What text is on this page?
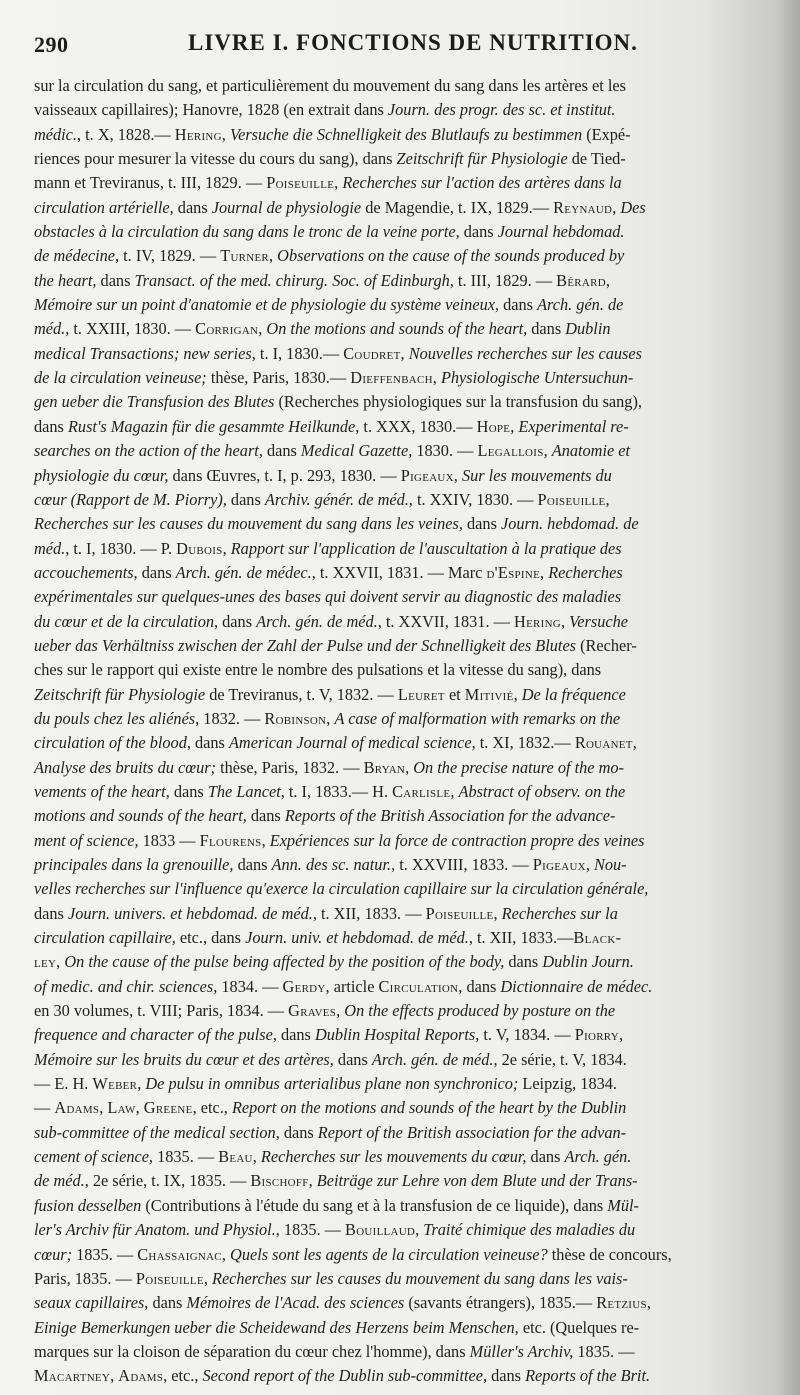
290	LIVRE I. FONCTIONS DE NUTRITION.
sur la circulation du sang, et particulièrement du mouvement du sang dans les artères et les
vaisseaux capillaires); Hanovre, 1828 (en extrait dans Journ. des progr. des sc. et institut.
médic., t. X, 1828.— Hering, Versuche die Schnelligkeit des Blutlaufs zu bestimmen (Expé-
riences pour mesurer la vitesse du cours du sang), dans Zeitschrift für Physiologie de Tied-
mann et Treviranus, t. III, 1829. — Poiseuille, Recherches sur l'action des artères dans la
circulation artérielle, dans Journal de physiologie de Magendie, t. IX, 1829.— Reynaud, Des
obstacles à la circulation du sang dans le tronc de la veine porte, dans Journal hebdomad.
de médecine, t. IV, 1829. — Turner, Observations on the cause of the sounds produced by
the heart, dans Transact. of the med. chirurg. Soc. of Edinburgh, t. III, 1829. — Bérard,
Mémoire sur un point d'anatomie et de physiologie du système veineux, dans Arch. gén. de
méd., t. XXIII, 1830. — Corrigan, On the motions and sounds of the heart, dans Dublin
medical Transactions; new series, t. I, 1830.— Coudret, Nouvelles recherches sur les causes
de la circulation veineuse; thèse, Paris, 1830.— Dieffenbach, Physiologische Untersuchun-
gen ueber die Transfusion des Blutes (Recherches physiologiques sur la transfusion du sang),
dans Rust's Magazin für die gesammte Heilkunde, t. XXX, 1830.— Hope, Experimental re-
searches on the action of the heart, dans Medical Gazette, 1830. — Legallois, Anatomie et
physiologie du cœur, dans Œuvres, t. I, p. 293, 1830. — Pigeaux, Sur les mouvements du
cœur (Rapport de M. Piorry), dans Archiv. génér. de méd., t. XXIV, 1830. — Poiseuille,
Recherches sur les causes du mouvement du sang dans les veines, dans Journ. hebdomad. de
méd., t. I, 1830. — P. Dubois, Rapport sur l'application de l'auscultation à la pratique des
accouchements, dans Arch. gén. de médec., t. XXVII, 1831. — Marc d'Espine, Recherches
expérimentales sur quelques-unes des bases qui doivent servir au diagnostic des maladies
du cœur et de la circulation, dans Arch. gén. de méd., t. XXVII, 1831. — Hering, Versuche
ueber das Verhältniss zwischen der Zahl der Pulse und der Schnelligkeit des Blutes (Recher-
ches sur le rapport qui existe entre le nombre des pulsations et la vitesse du sang), dans
Zeitschrift für Physiologie de Treviranus, t. V, 1832. — Leuret et Mitivié, De la fréquence
du pouls chez les aliénés, 1832. — Robinson, A case of malformation with remarks on the
circulation of the blood, dans American Journal of medical science, t. XI, 1832.— Rouanet,
Analyse des bruits du cœur; thèse, Paris, 1832. — Bryan, On the precise nature of the mo-
vements of the heart, dans The Lancet, t. I, 1833.— H. Carlisle, Abstract of observ. on the
motions and sounds of the heart, dans Reports of the British Association for the advance-
ment of science, 1833 — Flourens, Expériences sur la force de contraction propre des veines
principales dans la grenouille, dans Ann. des sc. natur., t. XXVIII, 1833. — Pigeaux, Nou-
velles recherches sur l'influence qu'exerce la circulation capillaire sur la circulation générale,
dans Journ. univers. et hebdomad. de méd., t. XII, 1833. — Poiseuille, Recherches sur la
circulation capillaire, etc., dans Journ. univ. et hebdomad. de méd., t. XII, 1833.—Black-
ley, On the cause of the pulse being affected by the position of the body, dans Dublin Journ.
of medic. and chir. sciences, 1834. — Gerdy, article Circulation, dans Dictionnaire de médec.
en 30 volumes, t. VIII; Paris, 1834. — Graves, On the effects produced by posture on the
frequence and character of the pulse, dans Dublin Hospital Reports, t. V, 1834. — Piorry,
Mémoire sur les bruits du cœur et des artères, dans Arch. gén. de méd., 2e série, t. V, 1834.
— E. H. Weber, De pulsu in omnibus arterialibus plane non synchronico; Leipzig, 1834.
— Adams, Law, Greene, etc., Report on the motions and sounds of the heart by the Dublin
sub-committee of the medical section, dans Report of the British association for the advan-
cement of science, 1835. — Beau, Recherches sur les mouvements du cœur, dans Arch. gén.
de méd., 2e série, t. IX, 1835. — Bischoff, Beiträge zur Lehre von dem Blute und der Trans-
fusion desselben (Contributions à l'étude du sang et à la transfusion de ce liquide), dans Mül-
ler's Archiv für Anatom. und Physiol., 1835. — Bouillaud, Traité chimique des maladies du
cœur; 1835. — Chassaignac, Quels sont les agents de la circulation veineuse? thèse de concours,
Paris, 1835. — Poiseuille, Recherches sur les causes du mouvement du sang dans les vais-
seaux capillaires, dans Mémoires de l'Acad. des sciences (savants étrangers), 1835.— Retzius,
Einige Bemerkungen ueber die Scheidewand des Herzens beim Menschen, etc. (Quelques re-
marques sur la cloison de séparation du cœur chez l'homme), dans Müller's Archiv, 1835. —
Macartney, Adams, etc., Second report of the Dublin sub-committee, dans Reports of the Brit.
